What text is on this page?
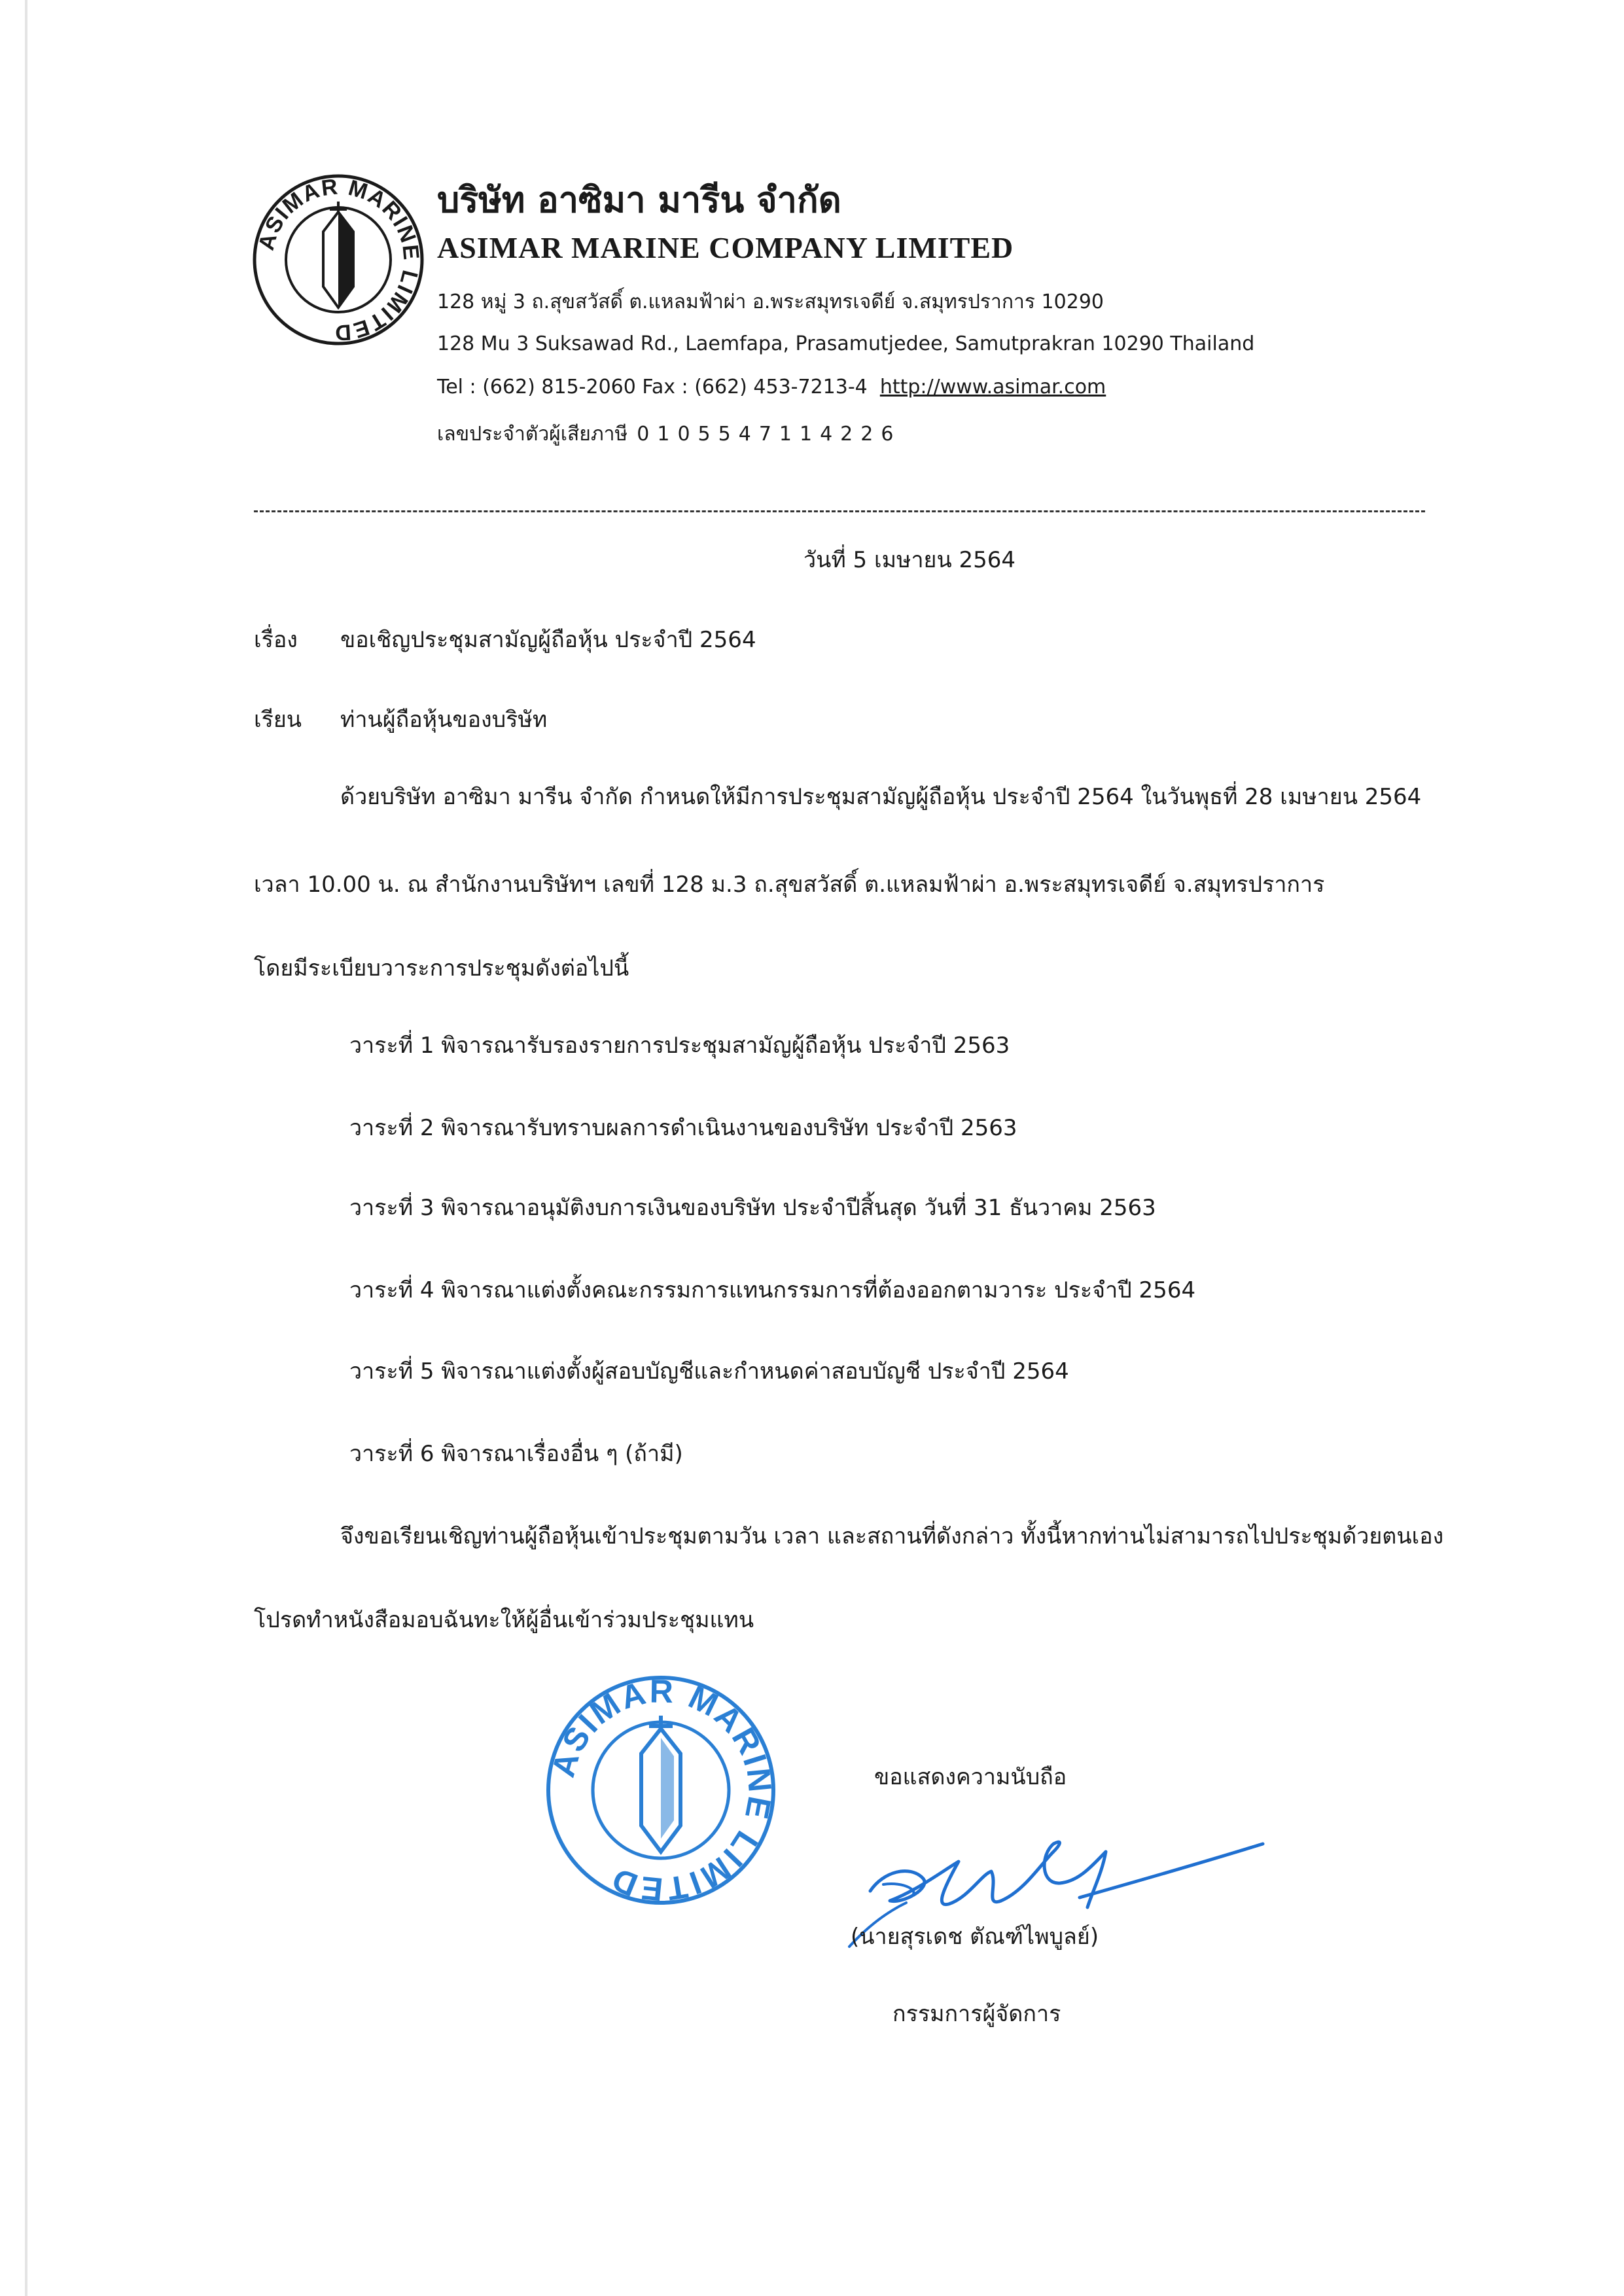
ASIMAR MARINE LIMITED
บริษัท อาซิมา มารีน จำกัด
ASIMAR MARINE COMPANY LIMITED
128 หมู่ 3 ถ.สุขสวัสดิ์ ต.แหลมฟ้าผ่า อ.พระสมุทรเจดีย์ จ.สมุทรปราการ 10290
128 Mu 3 Suksawad Rd., Laemfapa, Prasamutjedee, Samutprakran 10290 Thailand
Tel : (662) 815-2060 Fax : (662) 453-7213-4 http://www.asimar.com
เลขประจำตัวผู้เสียภาษี 0105547114226
วันที่ 5 เมษายน 2564
เรื่อง ขอเชิญประชุมสามัญผู้ถือหุ้น ประจำปี 2564
เรียน ท่านผู้ถือหุ้นของบริษัท
ด้วยบริษัท อาซิมา มารีน จำกัด กำหนดให้มีการประชุมสามัญผู้ถือหุ้น ประจำปี 2564 ในวันพุธที่ 28 เมษายน 2564
เวลา 10.00 น. ณ สำนักงานบริษัทฯ เลขที่ 128 ม.3 ถ.สุขสวัสดิ์ ต.แหลมฟ้าผ่า อ.พระสมุทรเจดีย์ จ.สมุทรปราการ
โดยมีระเบียบวาระการประชุมดังต่อไปนี้
วาระที่ 1 พิจารณารับรองรายการประชุมสามัญผู้ถือหุ้น ประจำปี 2563
วาระที่ 2 พิจารณารับทราบผลการดำเนินงานของบริษัท ประจำปี 2563
วาระที่ 3 พิจารณาอนุมัติงบการเงินของบริษัท ประจำปีสิ้นสุด วันที่ 31 ธันวาคม 2563
วาระที่ 4 พิจารณาแต่งตั้งคณะกรรมการแทนกรรมการที่ต้องออกตามวาระ ประจำปี 2564
วาระที่ 5 พิจารณาแต่งตั้งผู้สอบบัญชีและกำหนดค่าสอบบัญชี ประจำปี 2564
วาระที่ 6 พิจารณาเรื่องอื่น ๆ (ถ้ามี)
จึงขอเรียนเชิญท่านผู้ถือหุ้นเข้าประชุมตามวัน เวลา และสถานที่ดังกล่าว ทั้งนี้หากท่านไม่สามารถไปประชุมด้วยตนเอง
โปรดทำหนังสือมอบฉันทะให้ผู้อื่นเข้าร่วมประชุมแทน
ASIMAR MARINE LIMITED
ขอแสดงความนับถือ
(นายสุรเดช ตัณฑ์ไพบูลย์)
กรรมการผู้จัดการ
